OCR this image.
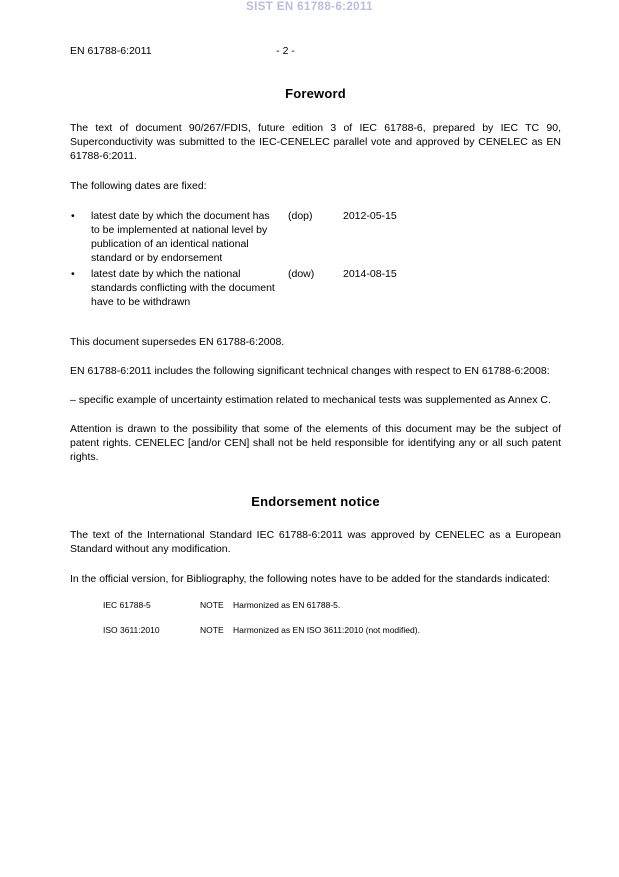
SIST EN 61788-6:2011
EN 61788-6:2011	- 2 -
Foreword

The text of document 90/267/FDIS, future edition 3 of IEC 61788-6, prepared by IEC TC 90, Superconductivity was submitted to the IEC-CENELEC parallel vote and approved by CENELEC as EN 61788-6:2011.

The following dates are fixed:

• latest date by which the document has to be implemented at national level by publication of an identical national standard or by endorsement
(dop)	2012-05-15
• latest date by which the national standards conflicting with the document have to be withdrawn
(dow)	2014-08-15

This document supersedes EN 61788-6:2008.

EN 61788-6:2011 includes the following significant technical changes with respect to EN 61788-6:2008:

– specific example of uncertainty estimation related to mechanical tests was supplemented as Annex C.

Attention is drawn to the possibility that some of the elements of this document may be the subject of patent rights. CENELEC [and/or CEN] shall not be held responsible for identifying any or all such patent rights.

Endorsement notice

The text of the International Standard IEC 61788-6:2011 was approved by CENELEC as a European Standard without any modification.

In the official version, for Bibliography, the following notes have to be added for the standards indicated:

IEC 61788-5	NOTE Harmonized as EN 61788-5.
ISO 3611:2010	NOTE Harmonized as EN ISO 3611:2010 (not modified).
